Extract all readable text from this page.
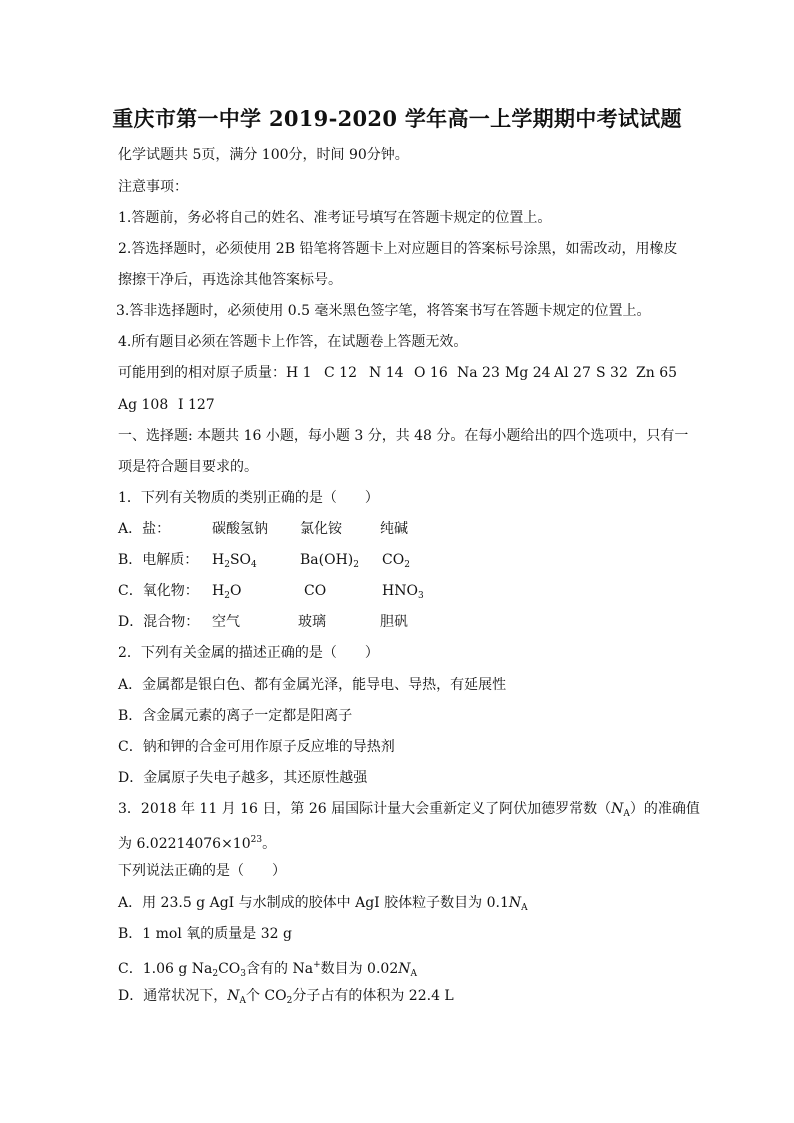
重庆市第一中学 2019-2020 学年高一上学期期中考试试题
化学试题共 5页，满分 100分，时间 90分钟。
注意事项：
1.答题前，务必将自己的姓名、准考证号填写在答题卡规定的位置上。
2.答选择题时，必须使用 2B 铅笔将答题卡上对应题目的答案标号涂黑，如需改动，用橡皮
擦擦干净后，再选涂其他答案标号。
3.答非选择题时，必须使用 0.5 毫米黑色签字笔，将答案书写在答题卡规定的位置上。
4.所有题目必须在答题卡上作答，在试题卷上答题无效。
可能用到的相对原子质量： H 1 C 12 N 14 O 16 Na 23 Mg 24 Al 27 S 32 Zn 65
Ag 108 I 127
一、选择题: 本题共 16 小题，每小题 3 分，共 48 分。在每小题给出的四个选项中，只有一
项是符合题目要求的。
1．下列有关物质的类别正确的是（　　）
A．盐：	碳酸氢钠 氯化铵	纯碱
B．电解质： $H_2SO_4$	$Ba(OH)_2$ $CO_2$
C．氧化物： $H_2O$	CO	$HNO_3$
D．混合物： 空气	玻璃	胆矾
2．下列有关金属的描述正确的是（　　）
A．金属都是银白色、都有金属光泽，能导电、导热，有延展性
B．含金属元素的离子一定都是阳离子
C．钠和钾的合金可用作原子反应堆的导热剂
D．金属原子失电子越多，其还原性越强
3．2018 年 11 月 16 日，第 26 届国际计量大会重新定义了阿伏加德罗常数$(N_A)$的准确值
为 $6.02214076\times 10^{23}$。
下列说法正确的是（　　）
A．用 23.5 g AgI 与水制成的胶体中 AgI 胶体粒子数目为 $0.1N_A$
B．1 mol 氧的质量是 32 g
C．1.06 g $Na_2CO_3$含有的 Na+数目为 $0.02N_A$
D．通常状况下，$N_A$个 $CO_2$分子占有的体积为 22.4 L
